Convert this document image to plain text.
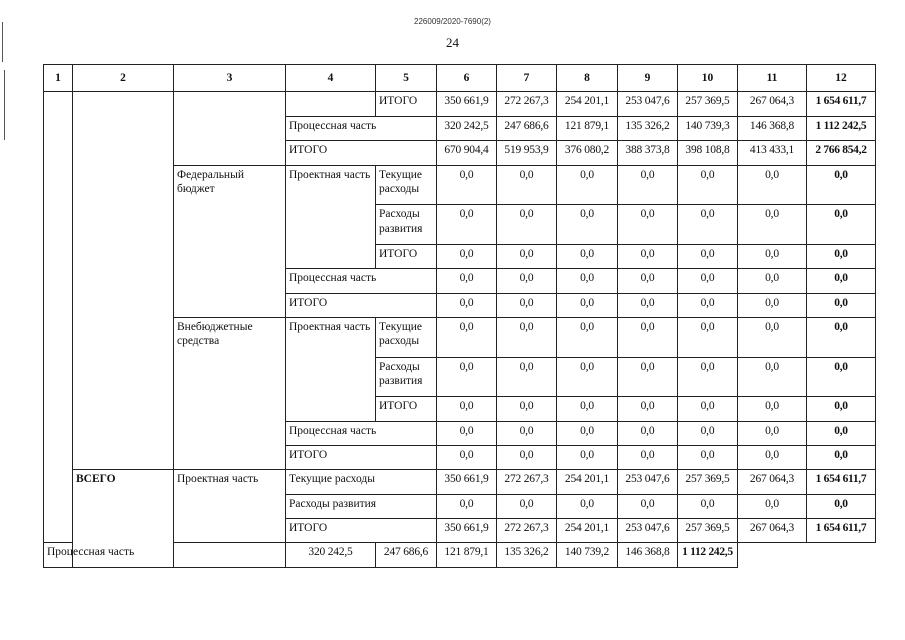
226009/2020-7690(2)
24
1	2	3	4	5	6	7	8	9	10	11	12
				ИТОГО	350 661,9	272 267,3	254 201,1	253 047,6	257 369,5	267 064,3	1 654 611,7
			Процессная часть		320 242,5	247 686,6	121 879,1	135 326,2	140 739,3	146 368,8	1 112 242,5
			ИТОГО		670 904,4	519 953,9	376 080,2	388 373,8	398 108,8	413 433,1	2 766 854,2
		Федеральный бюджет	Проектная часть	Текущие расходы	0,0	0,0	0,0	0,0	0,0	0,0	0,0
				Расходы развития	0,0	0,0	0,0	0,0	0,0	0,0	0,0
				ИТОГО	0,0	0,0	0,0	0,0	0,0	0,0	0,0
			Процессная часть		0,0	0,0	0,0	0,0	0,0	0,0	0,0
			ИТОГО		0,0	0,0	0,0	0,0	0,0	0,0	0,0
		Внебюджетные средства	Проектная часть	Текущие расходы	0,0	0,0	0,0	0,0	0,0	0,0	0,0
				Расходы развития	0,0	0,0	0,0	0,0	0,0	0,0	0,0
				ИТОГО	0,0	0,0	0,0	0,0	0,0	0,0	0,0
			Процессная часть		0,0	0,0	0,0	0,0	0,0	0,0	0,0
			ИТОГО		0,0	0,0	0,0	0,0	0,0	0,0	0,0
	ВСЕГО	Проектная часть	Текущие расходы		350 661,9	272 267,3	254 201,1	253 047,6	257 369,5	267 064,3	1 654 611,7
			Расходы развития		0,0	0,0	0,0	0,0	0,0	0,0	0,0
			ИТОГО		350 661,9	272 267,3	254 201,1	253 047,6	257 369,5	267 064,3	1 654 611,7
Процессная часть			320 242,5	247 686,6	121 879,1	135 326,2	140 739,2	146 368,8	1 112 242,5		
